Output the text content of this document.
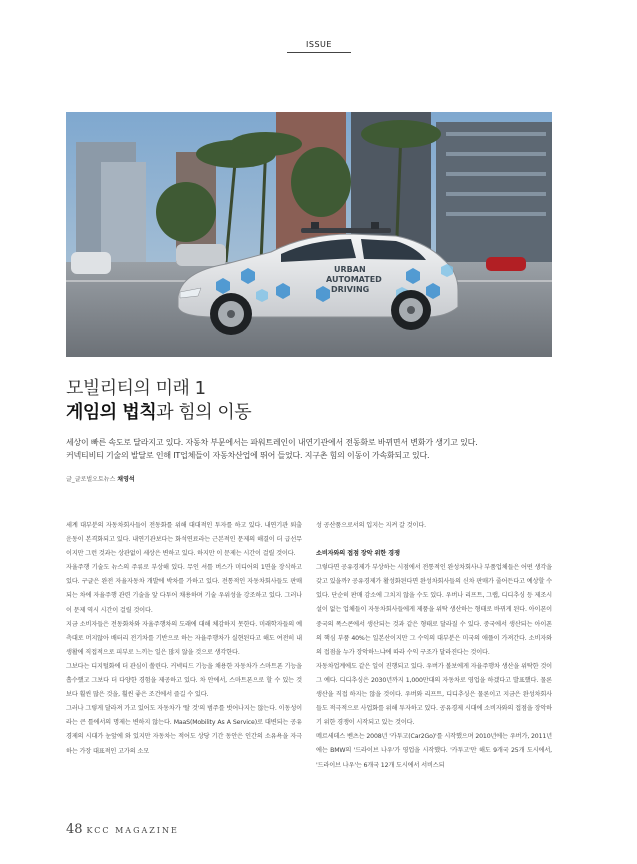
ISSUE
URBAN
AUTOMATED
DRIVING
모빌리티의 미래 1
게임의 법칙과 힘의 이동
세상이 빠른 속도로 달라지고 있다. 자동차 부문에서는 파워트레인이 내연기관에서 전동화로 바뀌면서 변화가 생기고 있다.
커넥티비티 기술의 발달로 인해 IT업체들이 자동차산업에 뛰어 들었다. 지구촌 힘의 이동이 가속화되고 있다.
글_글로벌오토뉴스 채영석

세계 대부분의 자동차회사들이 전동화를 위해 대대적인 투자를 하고 있다. 내연기관 퇴출 운동이 본격화되고 있다. 내연기관보다는 화석연료라는 근본적인 문제의 해결이 더 급선무이지만 그런 것과는 상관없이 세상은 변하고 있다. 하지만 이 문제는 시간이 걸릴 것이다.

자율주행 기술도 뉴스의 주류로 부상해 있다. 무인 셔틀 버스가 미디어의 1면을 장식하고 있다. 구글은 완전 자율자동차 개발에 박차를 가하고 있다. 전통적인 자동차회사들도 판매되는 차에 자율주행 관련 기술을 앞 다투어 채용하며 기술 우위성을 강조하고 있다. 그러나 이 문제 역시 시간이 걸릴 것이다.

지금 소비자들은 전동화차와 자율주행차의 도래에 대해 체감하지 못한다. 미래학자들의 예측대로 머지않아 배터리 전기차를 기반으로 하는 자율주행차가 실현된다고 해도 여전히 내 생활에 직접적으로 피부로 느끼는 일은 많지 않을 것으로 생각한다.

그보다는 디지털화에 더 관심이 쏠린다. 커넥티드 기능을 채용한 자동차가 스마트폰 기능을 흡수했고 그보다 더 다양한 경험을 제공하고 있다. 차 안에서, 스마트폰으로 할 수 있는 것보다 훨씬 많은 것을, 훨씬 좋은 조건에서 즐길 수 있다.

그러나 그렇게 달라져 가고 있어도 자동차가 '탈 것'의 범주를 벗어나지는 않는다. 이동성이라는 큰 틀에서의 명제는 변하지 않는다. MaaS(Mobility As A Service)로 대변되는 공유경제의 시대가 눈앞에 와 있지만 자동차는 적어도 상당 기간 동안은 인간의 소유욕을 자극하는 가장 대표적인 고가의 소모

성 공산품으로서의 입지는 지켜 갈 것이다.

소비자와의 접점 장악 위한 경쟁

그렇다면 공유경제가 부상하는 시점에서 전통적인 완성차회사나 부품업체들은 어떤 생각을 갖고 있을까? 공유경제가 활성화된다면 완성차회사들의 신차 판매가 줄어든다고 예상할 수 있다. 단순히 판매 감소에 그치지 않을 수도 있다. 우버나 리프트, 그랩, 디디추싱 등 제조시설이 없는 업체들이 자동차회사들에게 제품을 위탁 생산하는 형태로 바뀌게 된다. 아이폰이 중국의 폭스콘에서 생산되는 것과 같은 형태로 달라질 수 있다. 중국에서 생산되는 아이폰의 핵심 부품 40%는 일본산이지만 그 수익의 대부분은 미국의 애플이 가져간다. 소비자와의 접점을 누가 장악하느냐에 따라 수익 구조가 달라진다는 것이다.

자동차업계에도 같은 일이 진행되고 있다. 우버가 볼보에게 자율주행차 생산을 위탁한 것이 그 예다. 디디추싱은 2030년까지 1,000만대의 자동차로 영업을 하겠다고 발표했다. 물론 생산을 직접 하지는 않을 것이다. 우버와 리프트, 디디추싱은 물론이고 지금은 완성차회사들도 적극적으로 사업화를 위해 투자하고 있다. 공유경제 시대에 소비자와의 접점을 장악하기 위한 경쟁이 시작되고 있는 것이다.

메르세데스 벤츠는 2008년 '카투고(Car2Go)'를 시작했으며 2010년에는 우버가, 2011년에는 BMW의 '드라이브 나우'가 영업을 시작했다. '카투고'만 해도 9개국 25개 도시에서, '드라이브 나우'는 6개국 12개 도시에서 서비스되

48 KCC MAGAZINE
